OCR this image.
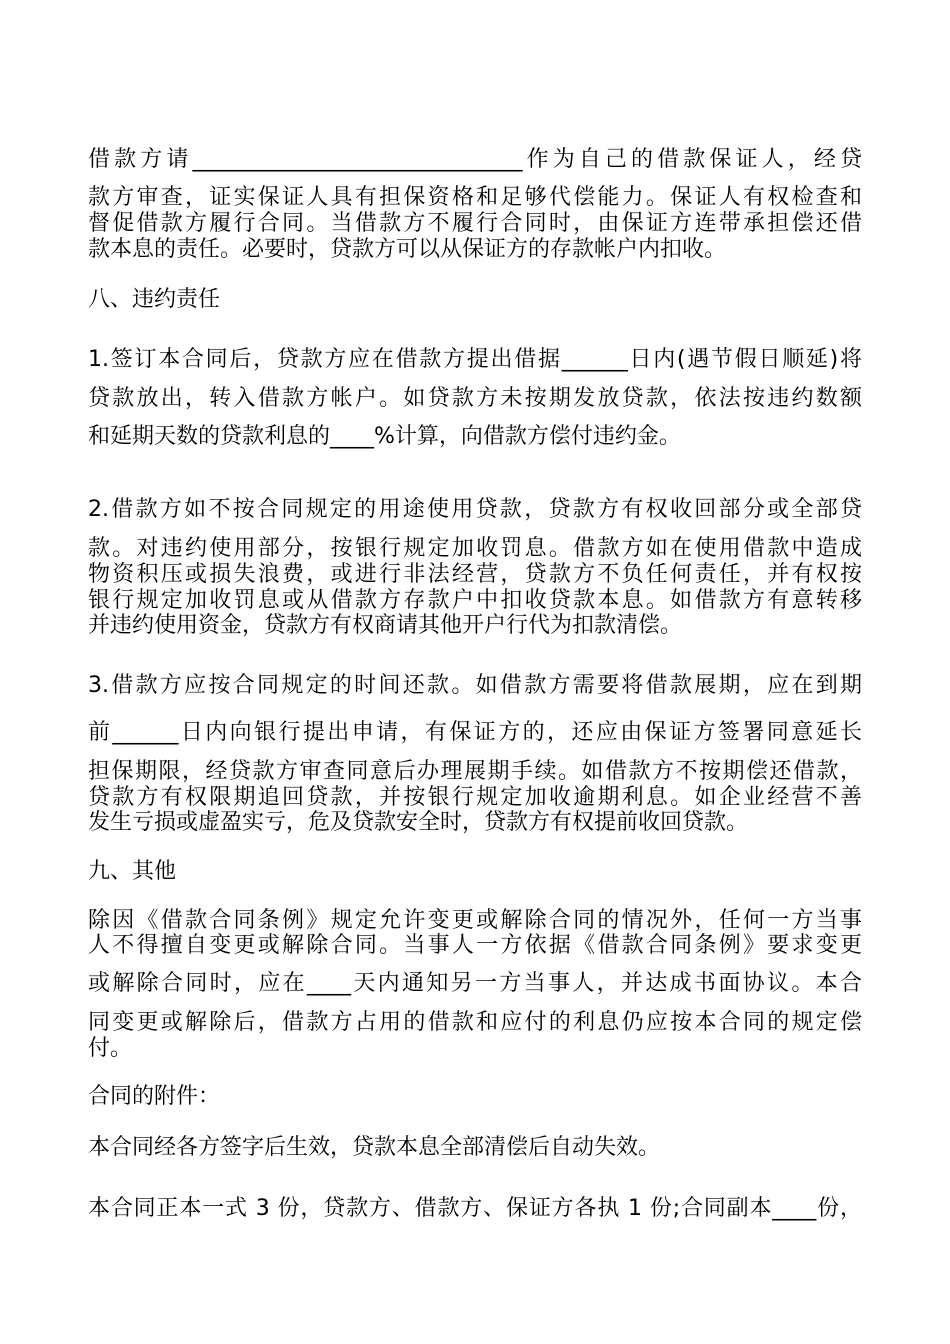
借款方请______________________________作为自己的借款保证人，经贷
款方审查，证实保证人具有担保资格和足够代偿能力。保证人有权检查和
督促借款方履行合同。当借款方不履行合同时，由保证方连带承担偿还借
款本息的责任。必要时，贷款方可以从保证方的存款帐户内扣收。
八、违约责任
1.签订本合同后，贷款方应在借款方提出借据______日内(遇节假日顺延)将
贷款放出，转入借款方帐户。如贷款方未按期发放贷款，依法按违约数额
和延期天数的贷款利息的____%计算，向借款方偿付违约金。
2.借款方如不按合同规定的用途使用贷款，贷款方有权收回部分或全部贷
款。对违约使用部分，按银行规定加收罚息。借款方如在使用借款中造成
物资积压或损失浪费，或进行非法经营，贷款方不负任何责任，并有权按
银行规定加收罚息或从借款方存款户中扣收贷款本息。如借款方有意转移
并违约使用资金，贷款方有权商请其他开户行代为扣款清偿。
3.借款方应按合同规定的时间还款。如借款方需要将借款展期，应在到期
前______日内向银行提出申请，有保证方的，还应由保证方签署同意延长
担保期限，经贷款方审查同意后办理展期手续。如借款方不按期偿还借款，
贷款方有权限期追回贷款，并按银行规定加收逾期利息。如企业经营不善
发生亏损或虚盈实亏，危及贷款安全时，贷款方有权提前收回贷款。
九、其他
除因《借款合同条例》规定允许变更或解除合同的情况外，任何一方当事
人不得擅自变更或解除合同。当事人一方依据《借款合同条例》要求变更
或解除合同时，应在____天内通知另一方当事人，并达成书面协议。本合
同变更或解除后，借款方占用的借款和应付的利息仍应按本合同的规定偿
付。
合同的附件：
本合同经各方签字后生效，贷款本息全部清偿后自动失效。
本合同正本一式 3 份，贷款方、借款方、保证方各执 1 份;合同副本____份，
